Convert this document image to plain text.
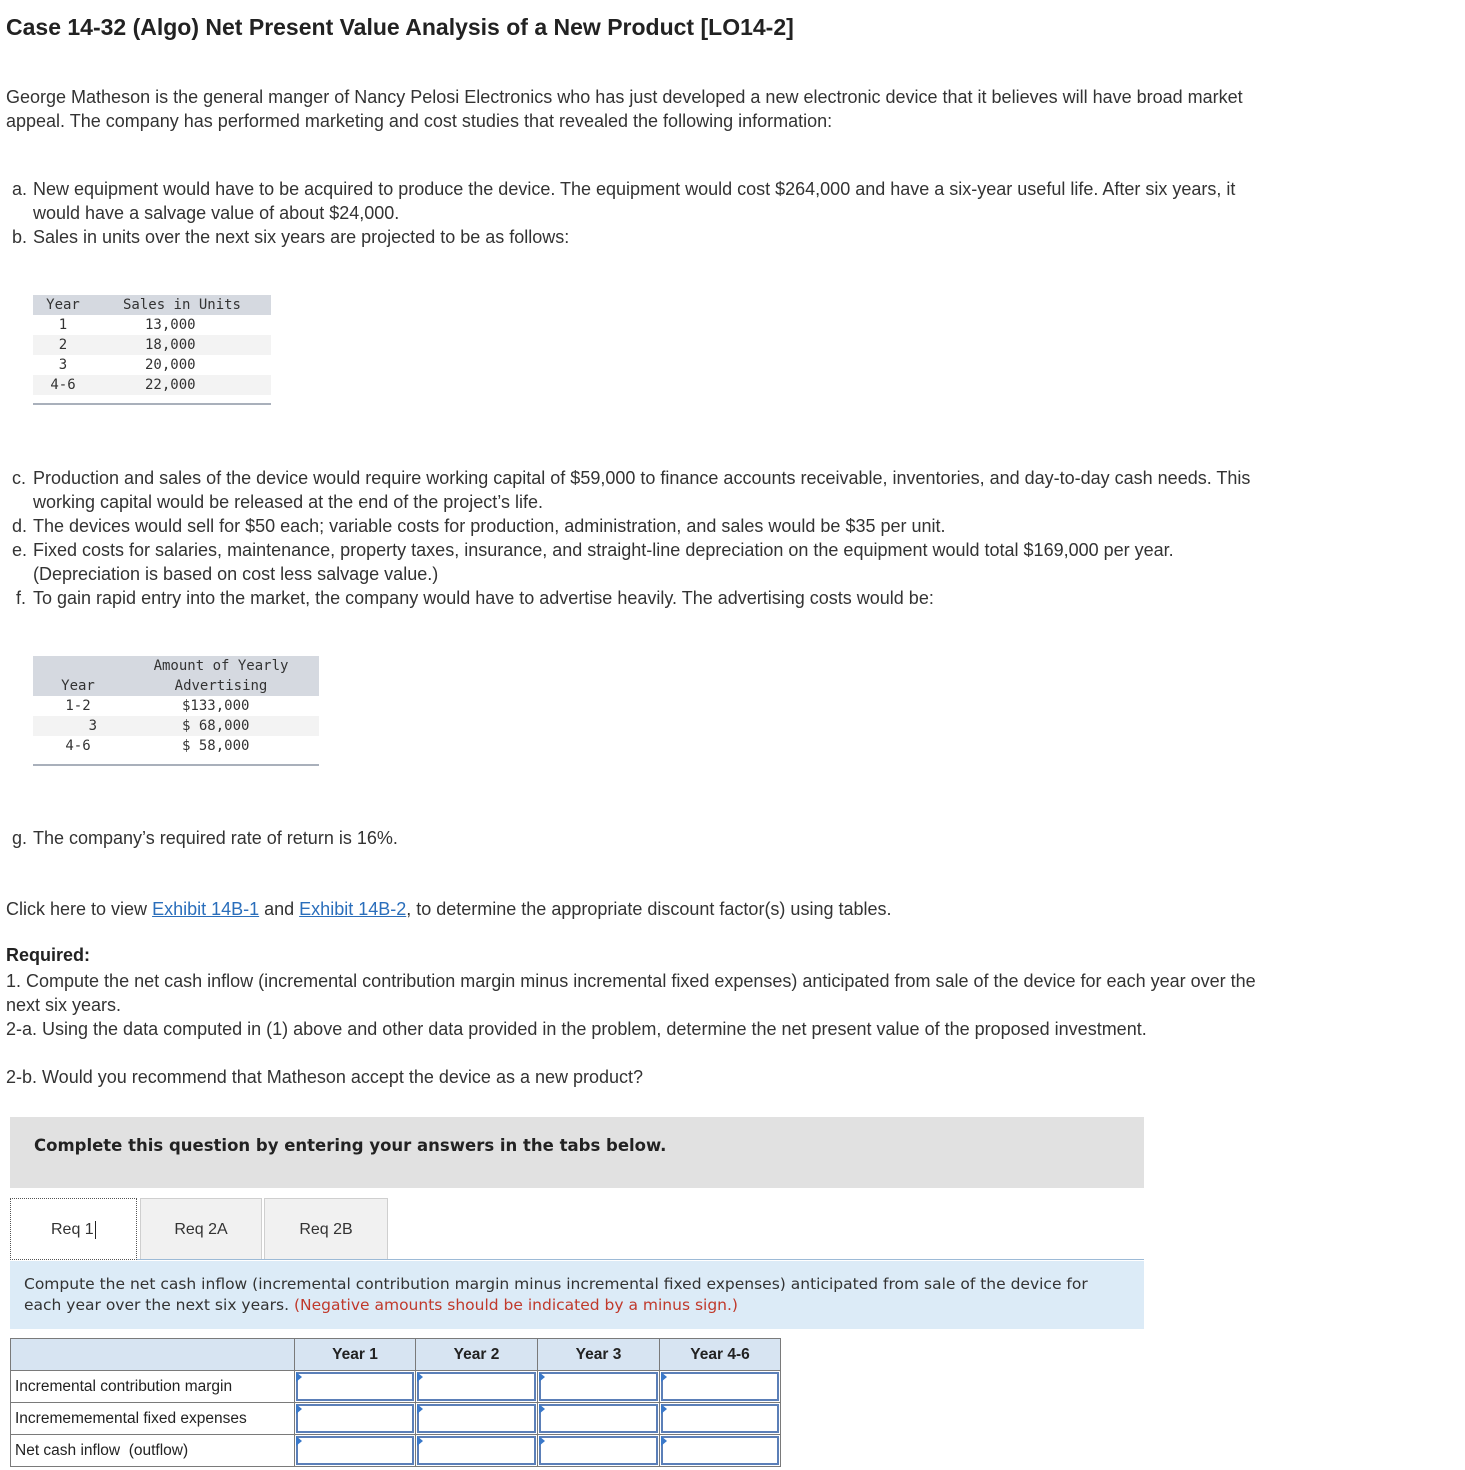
Case 14-32 (Algo) Net Present Value Analysis of a New Product [LO14-2]
George Matheson is the general manger of Nancy Pelosi Electronics who has just developed a new electronic device that it believes will have broad market appeal. The company has performed marketing and cost studies that revealed the following information:
a. New equipment would have to be acquired to produce the device. The equipment would cost $264,000 and have a six-year useful life. After six years, it would have a salvage value of about $24,000.
b. Sales in units over the next six years are projected to be as follows:
Year	Sales in Units
1	13,000
2	18,000
3	20,000
4-6	22,000

c. Production and sales of the device would require working capital of $59,000 to finance accounts receivable, inventories, and day-to-day cash needs. This working capital would be released at the end of the project’s life.
d. The devices would sell for $50 each; variable costs for production, administration, and sales would be $35 per unit.
e. Fixed costs for salaries, maintenance, property taxes, insurance, and straight-line depreciation on the equipment would total $169,000 per year. (Depreciation is based on cost less salvage value.)
f. To gain rapid entry into the market, the company would have to advertise heavily. The advertising costs would be:
Year	Amount of Yearly
Advertising

1-2	$133,000
3	$ 68,000
4-6	$ 58,000

g. The company’s required rate of return is 16%.
Click here to view Exhibit 14B-1 and Exhibit 14B-2, to determine the appropriate discount factor(s) using tables.
Required:
1. Compute the net cash inflow (incremental contribution margin minus incremental fixed expenses) anticipated from sale of the device for each year over the next six years.
2-a. Using the data computed in (1) above and other data provided in the problem, determine the net present value of the proposed investment.
2-b. Would you recommend that Matheson accept the device as a new product?
Complete this question by entering your answers in the tabs below.
Req 1	Req 2A	Req 2B
Compute the net cash inflow (incremental contribution margin minus incremental fixed expenses) anticipated from sale of the device for each year over the next six years. (Negative amounts should be indicated by a minus sign.)
	Year 1	Year 2	Year 3	Year 4-6
Incremental contribution margin	

Incremememental fixed expenses	

Net cash inflow  (outflow)	
